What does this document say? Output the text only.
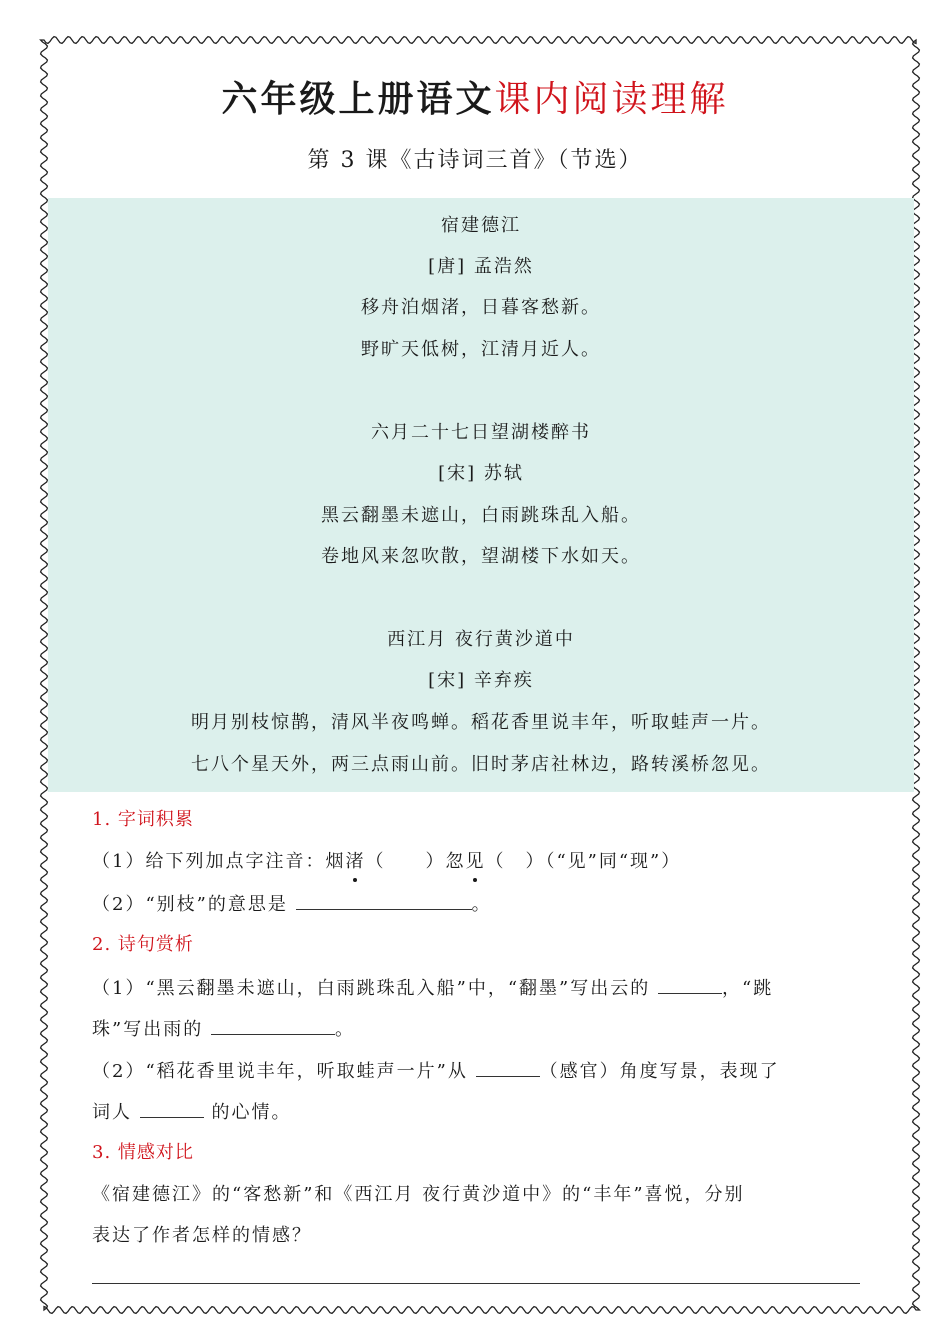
六年级上册语文课内阅读理解
第 3 课《古诗词三首》（节选）
宿建德江
[唐] 孟浩然
移舟泊烟渚，日暮客愁新。
野旷天低树，江清月近人。
六月二十七日望湖楼醉书
[宋] 苏轼
黑云翻墨未遮山，白雨跳珠乱入船。
卷地风来忽吹散，望湖楼下水如天。
西江月 夜行黄沙道中
[宋] 辛弃疾
明月别枝惊鹊，清风半夜鸣蝉。稻花香里说丰年，听取蛙声一片。
七八个星天外，两三点雨山前。旧时茅店社林边，路转溪桥忽见。
1. 字词积累
（1）给下列加点字注音：烟渚（　　）忽见（　）（“见”同“现”）
（2）“别枝”的意思是	。
2. 诗句赏析
（1）“黑云翻墨未遮山，白雨跳珠乱入船”中，“翻墨”写出云的	，“跳
珠”写出雨的	。
（2）“稻花香里说丰年，听取蛙声一片”从	（感官）角度写景，表现了
词人	的心情。
3. 情感对比
《宿建德江》的“客愁新”和《西江月 夜行黄沙道中》的“丰年”喜悦，分别
表达了作者怎样的情感？
